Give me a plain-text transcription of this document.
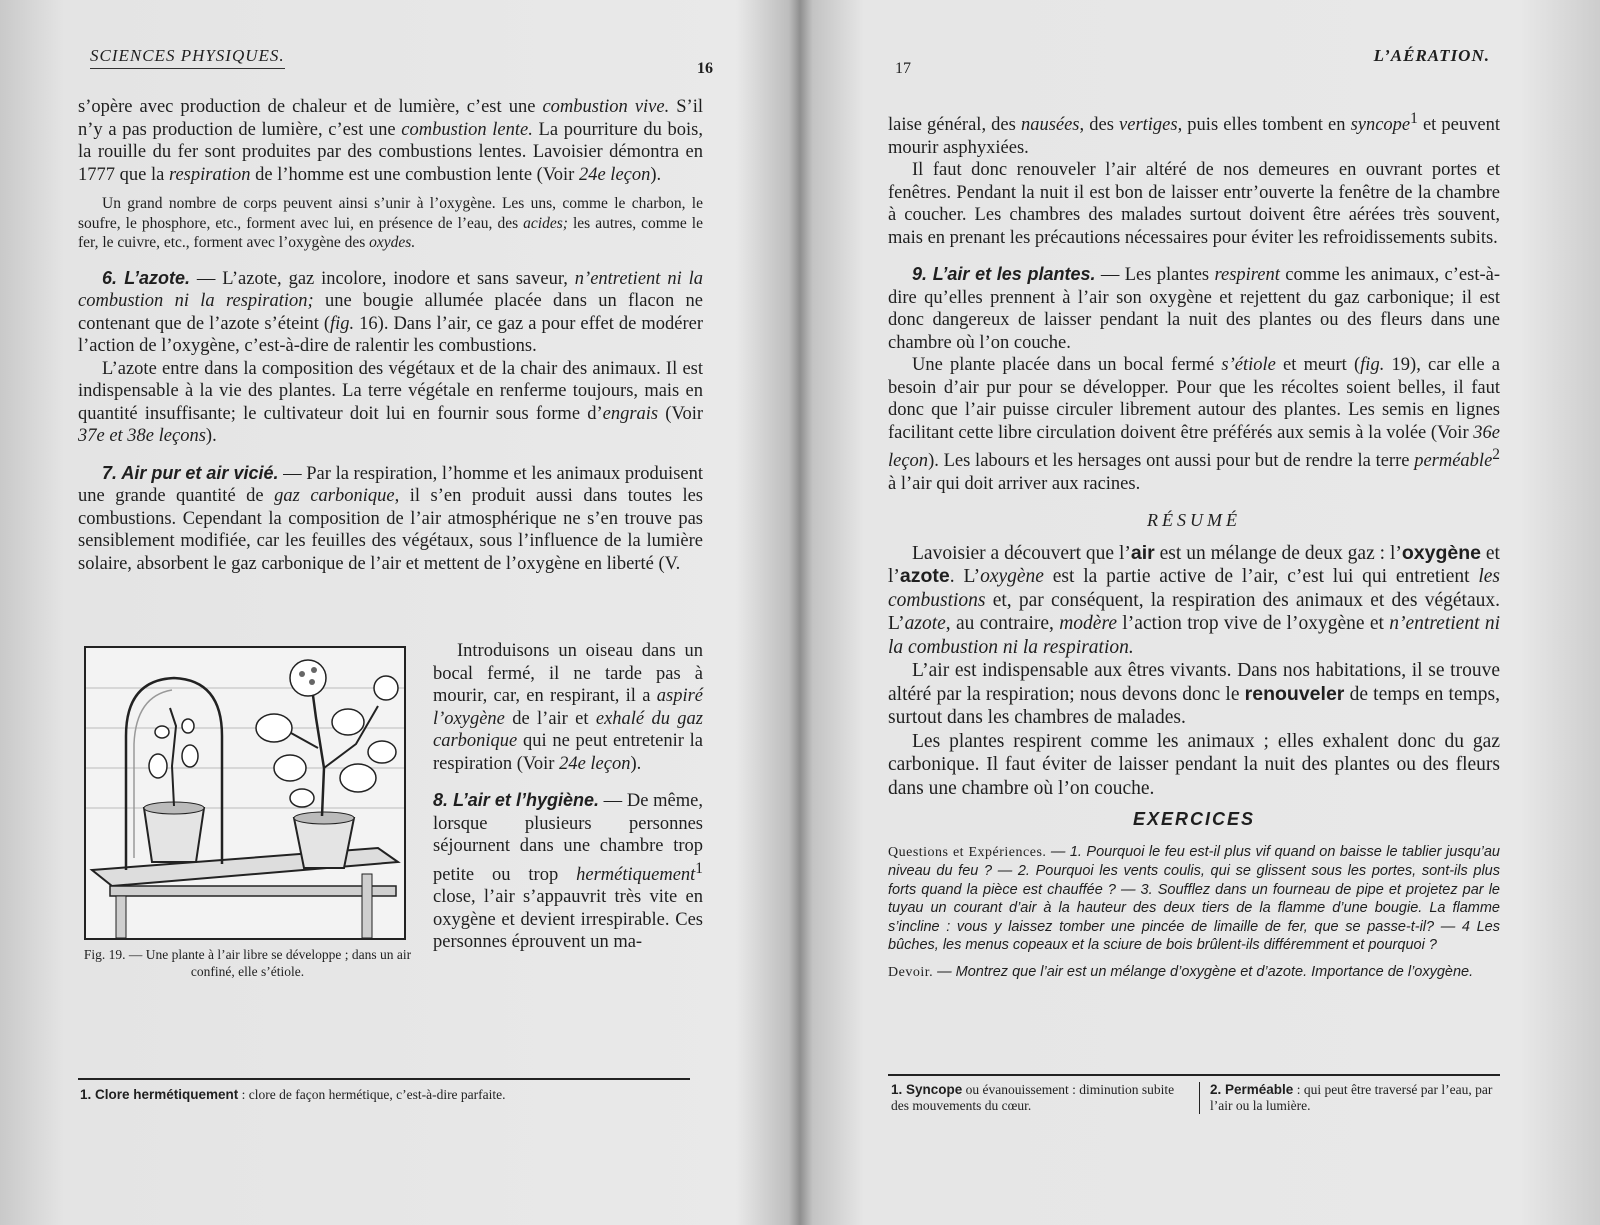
SCIENCES PHYSIQUES.
16

s’opère avec production de chaleur et de lumière, c’est une combustion vive. S’il n’y a pas production de lumière, c’est une combustion lente. La pourriture du bois, la rouille du fer sont produites par des combustions lentes. Lavoisier démontra en 1777 que la respiration de l’homme est une combustion lente (Voir 24e leçon).

Un grand nombre de corps peuvent ainsi s’unir à l’oxygène. Les uns, comme le charbon, le soufre, le phosphore, etc., forment avec lui, en présence de l’eau, des acides; les autres, comme le fer, le cuivre, etc., forment avec l’oxygène des oxydes.

6. L’azote. — L’azote, gaz incolore, inodore et sans saveur, n’entretient ni la combustion ni la respiration; une bougie allumée placée dans un flacon ne contenant que de l’azote s’éteint (fig. 16). Dans l’air, ce gaz a pour effet de modérer l’action de l’oxygène, c’est-à-dire de ralentir les combustions.

L’azote entre dans la composition des végétaux et de la chair des animaux. Il est indispensable à la vie des plantes. La terre végétale en renferme toujours, mais en quantité insuffisante; le cultivateur doit lui en fournir sous forme d’engrais (Voir 37e et 38e leçons).

7. Air pur et air vicié. — Par la respiration, l’homme et les animaux produisent une grande quantité de gaz carbonique, il s’en produit aussi dans toutes les combustions. Cependant la composition de l’air atmosphérique ne s’en trouve pas sensiblement modifiée, car les feuilles des végétaux, sous l’influence de la lumière solaire, absorbent le gaz carbonique de l’air et mettent de l’oxygène en liberté (V.

Fig. 19. — Une plante à l’air libre se développe ; dans un air confiné, elle s’étiole.

Introduisons un oiseau dans un bocal fermé, il ne tarde pas à mourir, car, en respirant, il a aspiré l’oxygène de l’air et exhalé du gaz carbonique qui ne peut entretenir la respiration (Voir 24e leçon).

8. L’air et l’hygiène. — De même, lorsque plusieurs personnes séjournent dans une chambre trop petite ou trop hermétiquement$^1$ close, l’air s’appauvrit très vite en oxygène et devient irrespirable. Ces personnes éprouvent un ma-

1. Clore hermétiquement : clore de façon hermétique, c’est-à-dire parfaite.
17
L’AÉRATION.

laise général, des nausées, des vertiges, puis elles tombent en syncope$^1$ et peuvent mourir asphyxiées.

Il faut donc renouveler l’air altéré de nos demeures en ouvrant portes et fenêtres. Pendant la nuit il est bon de laisser entr’ouverte la fenêtre de la chambre à coucher. Les chambres des malades surtout doivent être aérées très souvent, mais en prenant les précautions nécessaires pour éviter les refroidissements subits.

9. L’air et les plantes. — Les plantes respirent comme les animaux, c’est-à-dire qu’elles prennent à l’air son oxygène et rejettent du gaz carbonique; il est donc dangereux de laisser pendant la nuit des plantes ou des fleurs dans une chambre où l’on couche.

Une plante placée dans un bocal fermé s’étiole et meurt (fig. 19), car elle a besoin d’air pur pour se développer. Pour que les récoltes soient belles, il faut donc que l’air puisse circuler librement autour des plantes. Les semis en lignes facilitant cette libre circulation doivent être préférés aux semis à la volée (Voir 36e leçon). Les labours et les hersages ont aussi pour but de rendre la terre perméable$^2$ à l’air qui doit arriver aux racines.

RÉSUMÉ

Lavoisier a découvert que l’air est un mélange de deux gaz : l’oxygène et l’azote. L’oxygène est la partie active de l’air, c’est lui qui entretient les combustions et, par conséquent, la respiration des animaux et des végétaux. L’azote, au contraire, modère l’action trop vive de l’oxygène et n’entretient ni la combustion ni la respiration.

L’air est indispensable aux êtres vivants. Dans nos habitations, il se trouve altéré par la respiration; nous devons donc le renouveler de temps en temps, surtout dans les chambres de malades.

Les plantes respirent comme les animaux ; elles exhalent donc du gaz carbonique. Il faut éviter de laisser pendant la nuit des plantes ou des fleurs dans une chambre où l’on couche.

EXERCICES

Questions et Expériences. — 1. Pourquoi le feu est-il plus vif quand on baisse le tablier jusqu’au niveau du feu ? — 2. Pourquoi les vents coulis, qui se glissent sous les portes, sont-ils plus forts quand la pièce est chauffée ? — 3. Soufflez dans un fourneau de pipe et projetez par le tuyau un courant d’air à la hauteur des deux tiers de la flamme d’une bougie. La flamme s’incline : vous y laissez tomber une pincée de limaille de fer, que se passe-t-il? — 4 Les bûches, les menus copeaux et la sciure de bois brûlent-ils différemment et pourquoi ?

Devoir. — Montrez que l’air est un mélange d’oxygène et d’azote. Importance de l’oxygène.

1. Syncope ou évanouissement : diminution subite des mouvements du cœur.
2. Perméable : qui peut être traversé par l’eau, par l’air ou la lumière.
